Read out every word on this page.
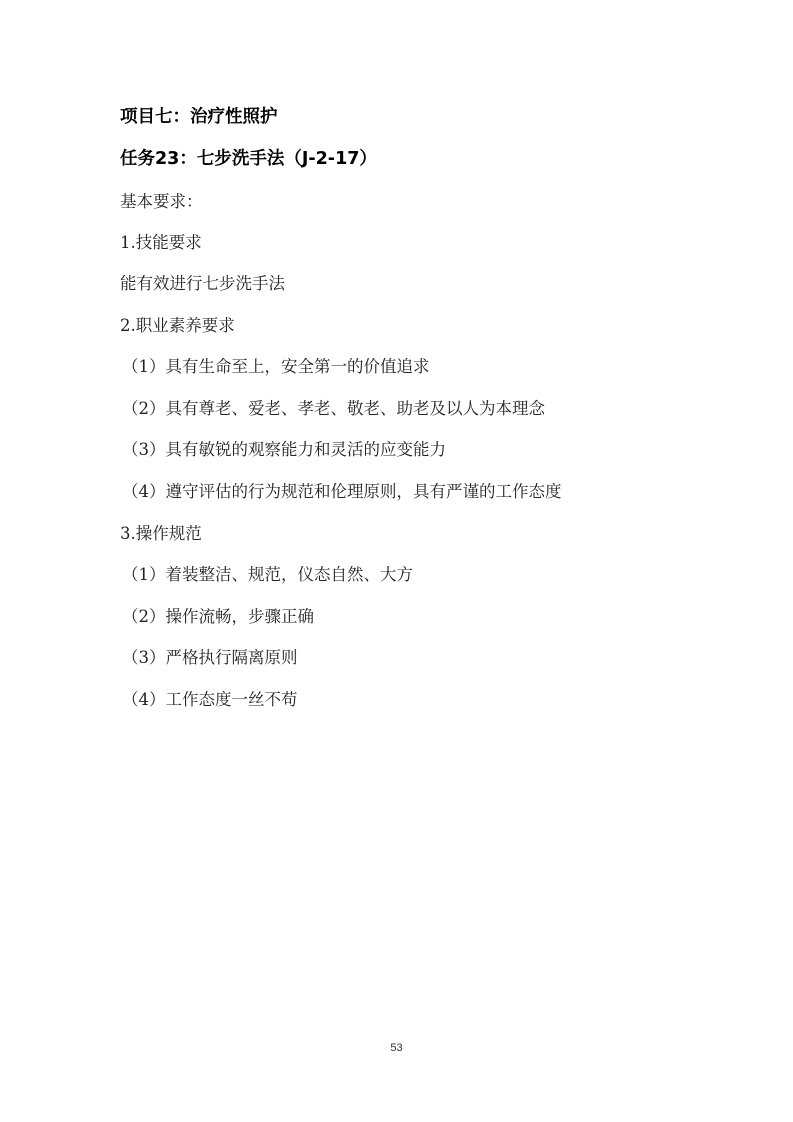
项目七：治疗性照护
任务23：七步洗手法（J-2-17）
基本要求：
1.技能要求
能有效进行七步洗手法
2.职业素养要求
（1）具有生命至上，安全第一的价值追求
（2）具有尊老、爱老、孝老、敬老、助老及以人为本理念
（3）具有敏锐的观察能力和灵活的应变能力
（4）遵守评估的行为规范和伦理原则，具有严谨的工作态度
3.操作规范
（1）着装整洁、规范，仪态自然、大方
（2）操作流畅，步骤正确
（3）严格执行隔离原则
（4）工作态度一丝不苟
53
